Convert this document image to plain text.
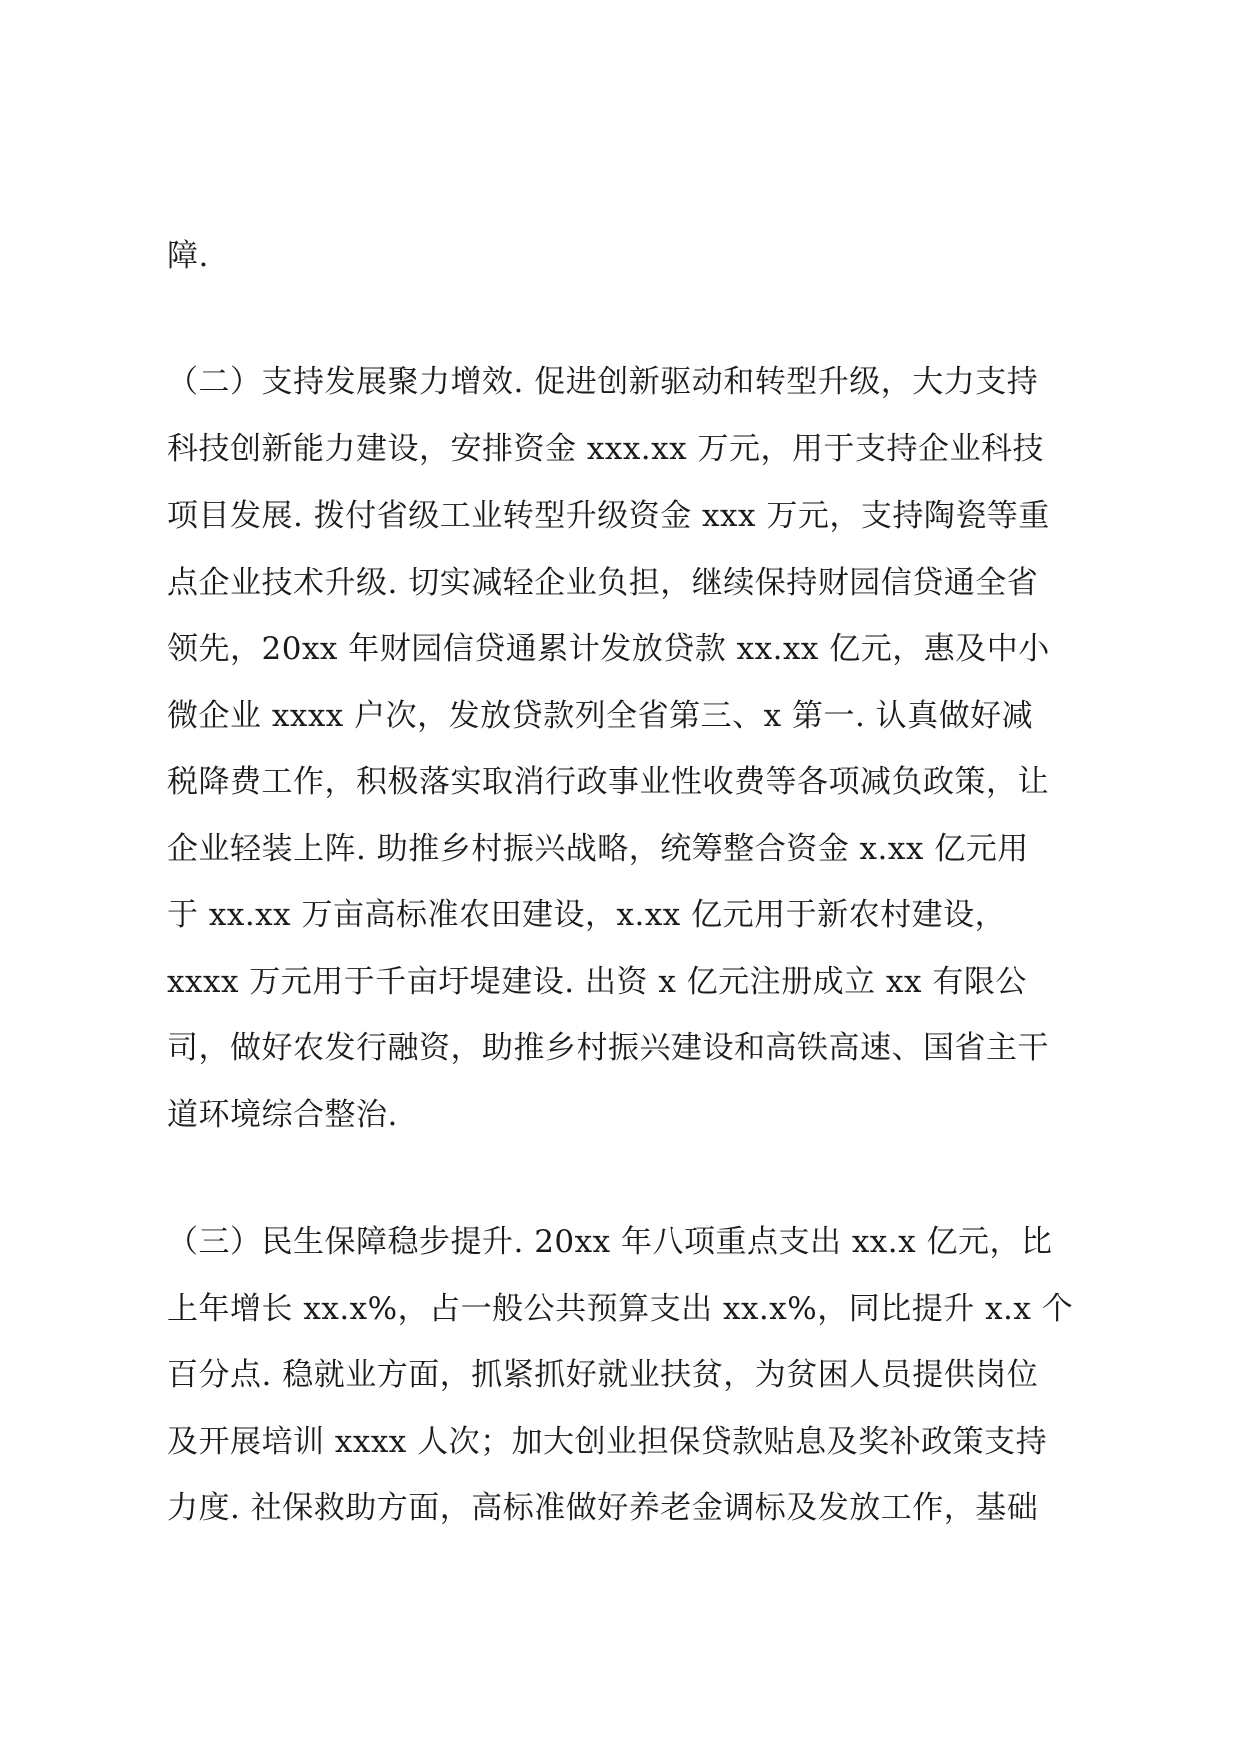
障.

（二）支持发展聚力增效. 促进创新驱动和转型升级，大力支持

科技创新能力建设，安排资金 xxx.xx 万元，用于支持企业科技

项目发展. 拨付省级工业转型升级资金 xxx 万元，支持陶瓷等重

点企业技术升级. 切实减轻企业负担，继续保持财园信贷通全省

领先，20xx 年财园信贷通累计发放贷款 xx.xx 亿元，惠及中小

微企业 xxxx 户次，发放贷款列全省第三、x 第一. 认真做好减

税降费工作，积极落实取消行政事业性收费等各项减负政策，让

企业轻装上阵. 助推乡村振兴战略，统筹整合资金 x.xx 亿元用

于 xx.xx 万亩高标准农田建设，x.xx 亿元用于新农村建设，

xxxx 万元用于千亩圩堤建设. 出资 x 亿元注册成立 xx 有限公

司，做好农发行融资，助推乡村振兴建设和高铁高速、国省主干

道环境综合整治.

（三）民生保障稳步提升. 20xx 年八项重点支出 xx.x 亿元，比

上年增长 xx.x%，占一般公共预算支出 xx.x%，同比提升 x.x 个

百分点. 稳就业方面，抓紧抓好就业扶贫，为贫困人员提供岗位

及开展培训 xxxx 人次；加大创业担保贷款贴息及奖补政策支持

力度. 社保救助方面，高标准做好养老金调标及发放工作，基础
